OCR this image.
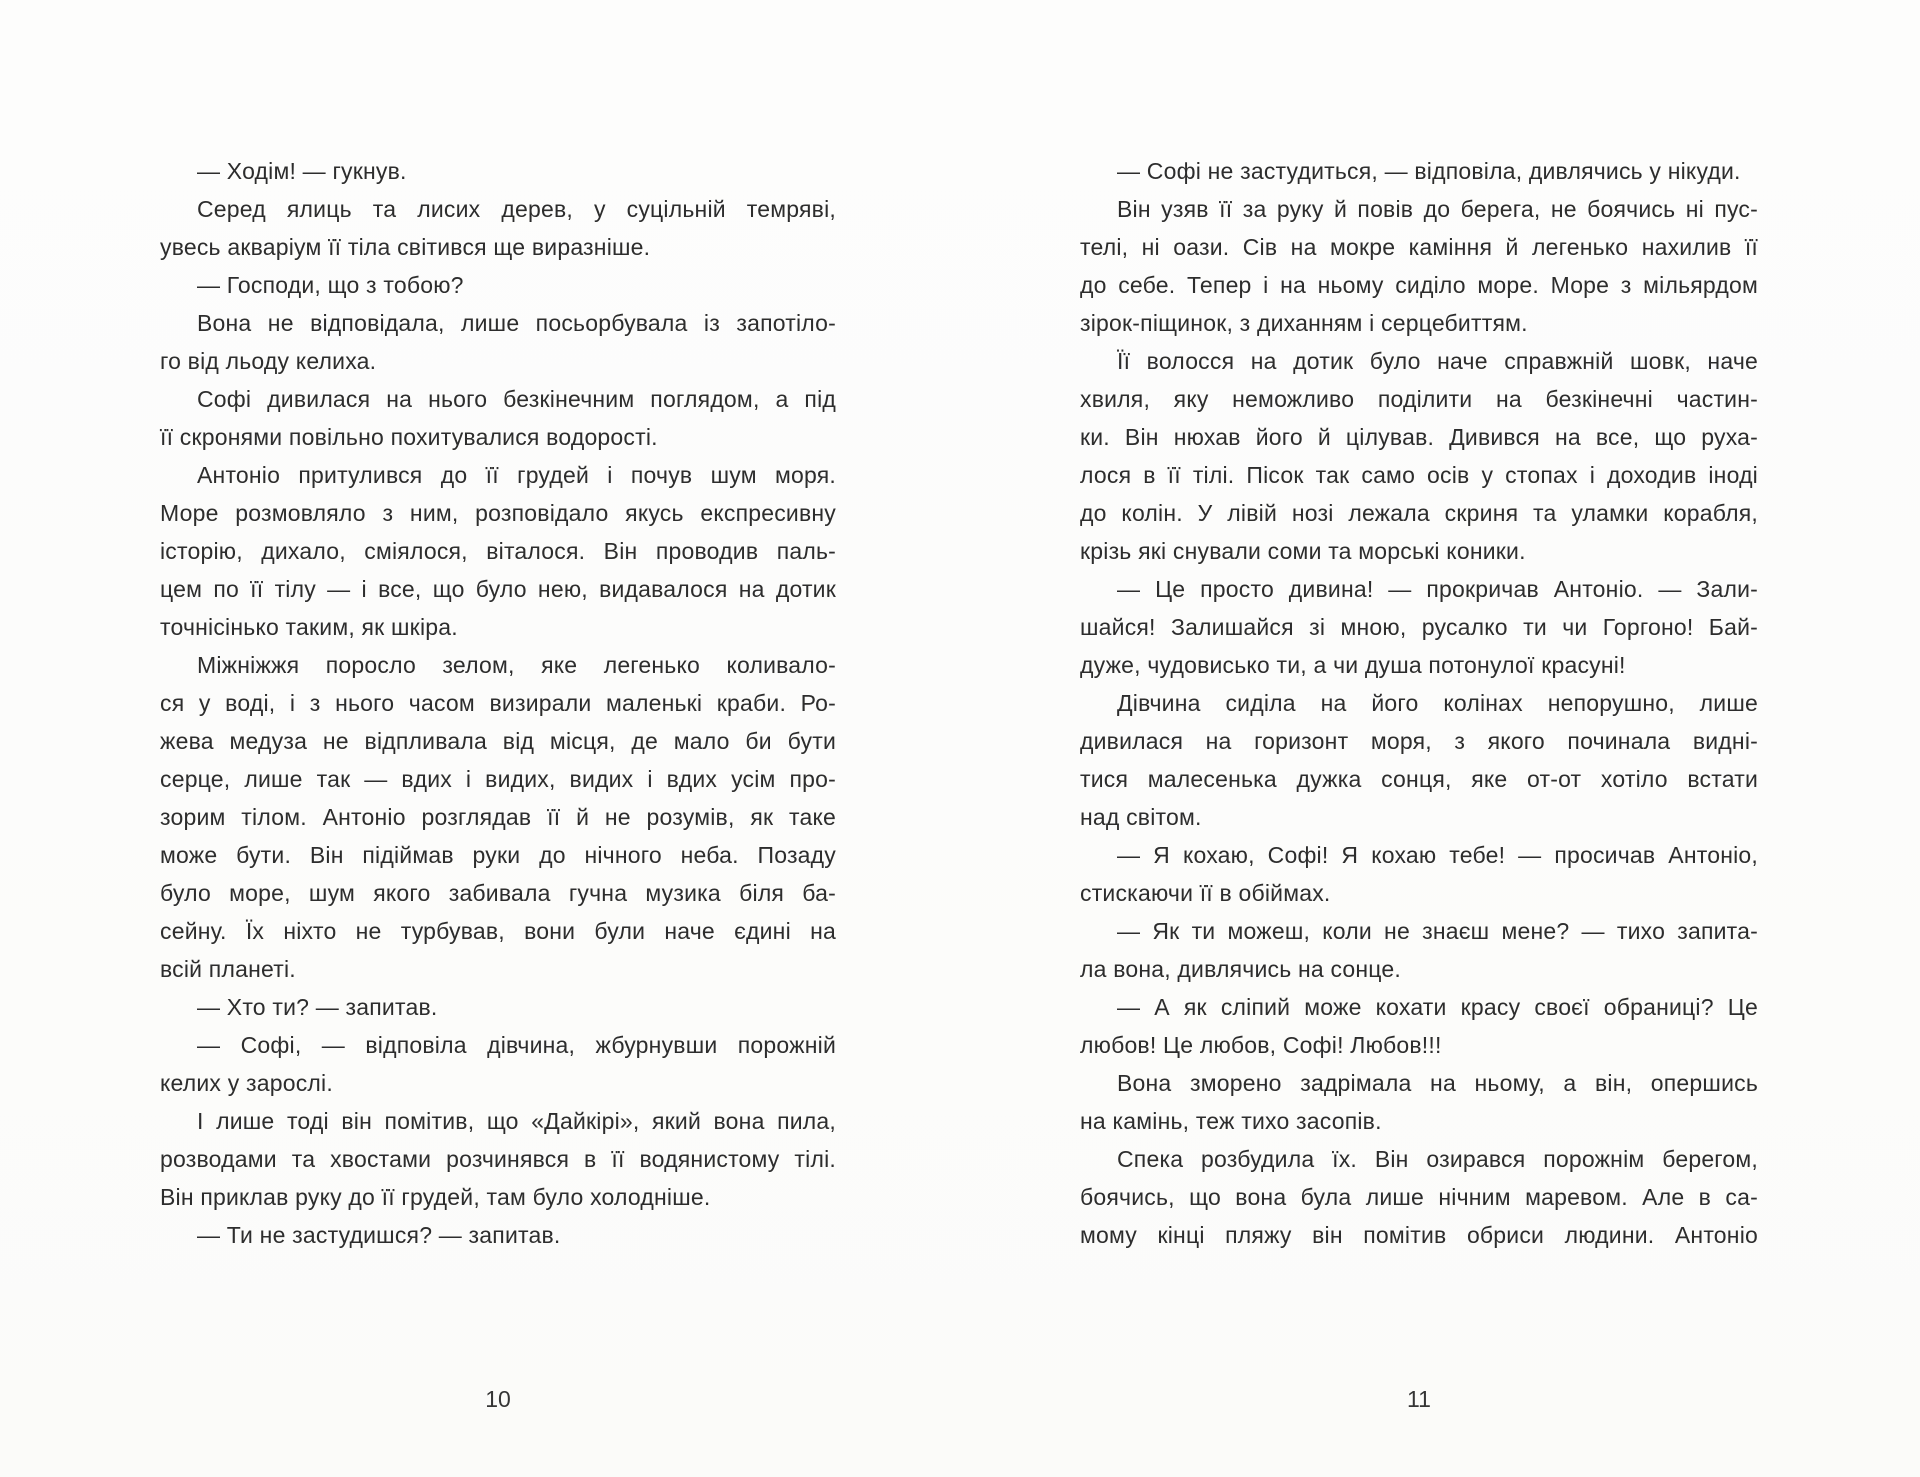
— Ходім! — гукнув.
Серед ялиць та лисих дерев, у суцільній темряві,
увесь акваріум її тіла світився ще виразніше.
— Господи, що з тобою?
Вона не відповідала, лише посьорбувала із запотіло-
го від льоду келиха.
Софі дивилася на нього безкінечним поглядом, а під
її скронями повільно похитувалися водорості.
Антоніо притулився до її грудей і почув шум моря.
Море розмовляло з ним, розповідало якусь експресивну
історію, дихало, сміялося, віталося. Він проводив паль-
цем по її тілу — і все, що було нею, видавалося на дотик
точнісінько таким, як шкіра.
Міжніжжя поросло зелом, яке легенько коливало-
ся у воді, і з нього часом визирали маленькі краби. Ро-
жева медуза не відпливала від місця, де мало би бути
серце, лише так — вдих і видих, видих і вдих усім про-
зорим тілом. Антоніо розглядав її й не розумів, як таке
може бути. Він підіймав руки до нічного неба. Позаду
було море, шум якого забивала гучна музика біля ба-
сейну. Їх ніхто не турбував, вони були наче єдині на
всій планеті.
— Хто ти? — запитав.
— Софі, — відповіла дівчина, жбурнувши порожній
келих у зарослі.
І лише тоді він помітив, що «Дайкірі», який вона пила,
розводами та хвостами розчинявся в її водянистому тілі.
Він приклав руку до її грудей, там було холодніше.
— Ти не застудишся? — запитав.
— Софі не застудиться, — відповіла, дивлячись у нікуди.
Він узяв її за руку й повів до берега, не боячись ні пус-
телі, ні оази. Сів на мокре каміння й легенько нахилив її
до себе. Тепер і на ньому сиділо море. Море з мільярдом
зірок-піщинок, з диханням і серцебиттям.
Її волосся на дотик було наче справжній шовк, наче
хвиля, яку неможливо поділити на безкінечні частин-
ки. Він нюхав його й цілував. Дивився на все, що руха-
лося в її тілі. Пісок так само осів у стопах і доходив іноді
до колін. У лівій нозі лежала скриня та уламки корабля,
крізь які снували соми та морські коники.
— Це просто дивина! — прокричав Антоніо. — Зали-
шайся! Залишайся зі мною, русалко ти чи Горгоно! Бай-
дуже, чудовисько ти, а чи душа потонулої красуні!
Дівчина сиділа на його колінах непорушно, лише
дивилася на горизонт моря, з якого починала видні-
тися малесенька дужка сонця, яке от-от хотіло встати
над світом.
— Я кохаю, Софі! Я кохаю тебе! — просичав Антоніо,
стискаючи її в обіймах.
— Як ти можеш, коли не знаєш мене? — тихо запита-
ла вона, дивлячись на сонце.
— А як сліпий може кохати красу своєї обраниці? Це
любов! Це любов, Софі! Любов!!!
Вона зморено задрімала на ньому, а він, опершись
на камінь, теж тихо засопів.
Спека розбудила їх. Він озирався порожнім берегом,
боячись, що вона була лише нічним маревом. Але в са-
мому кінці пляжу він помітив обриси людини. Антоніо
10	11
